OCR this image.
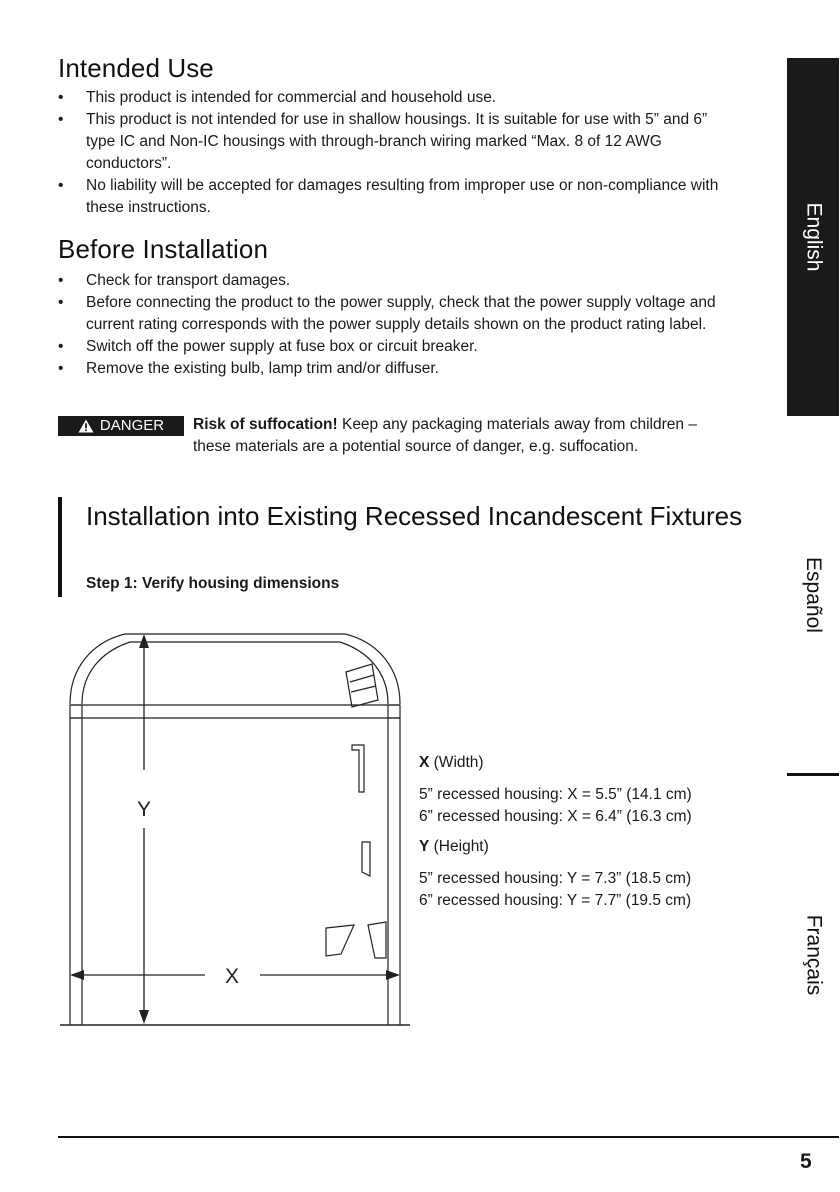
Intended Use
• This product is intended for commercial and household use.
• This product is not intended for use in shallow housings. It is suitable for use with 5” and 6” type IC and Non-IC housings with through-branch wiring marked “Max. 8 of 12 AWG conductors”.
• No liability will be accepted for damages resulting from improper use or non-compliance with these instructions.
Before Installation
• Check for transport damages.
• Before connecting the product to the power supply, check that the power supply voltage and current rating corresponds with the power supply details shown on the product rating label.
• Switch off the power supply at fuse box or circuit breaker.
• Remove the existing bulb, lamp trim and/or diffuser.
DANGER Risk of suffocation! Keep any packaging materials away from children – these materials are a potential source of danger, e.g. suffocation.
Installation into Existing Recessed Incandescent Fixtures
Step 1: Verify housing dimensions
Y
X

X (Width)

5” recessed housing: X = 5.5” (14.1 cm)

6” recessed housing: X = 6.4” (16.3 cm)

Y (Height)

5” recessed housing: Y = 7.3” (18.5 cm)

6” recessed housing: Y = 7.7” (19.5 cm)

English
Español
Français
5
